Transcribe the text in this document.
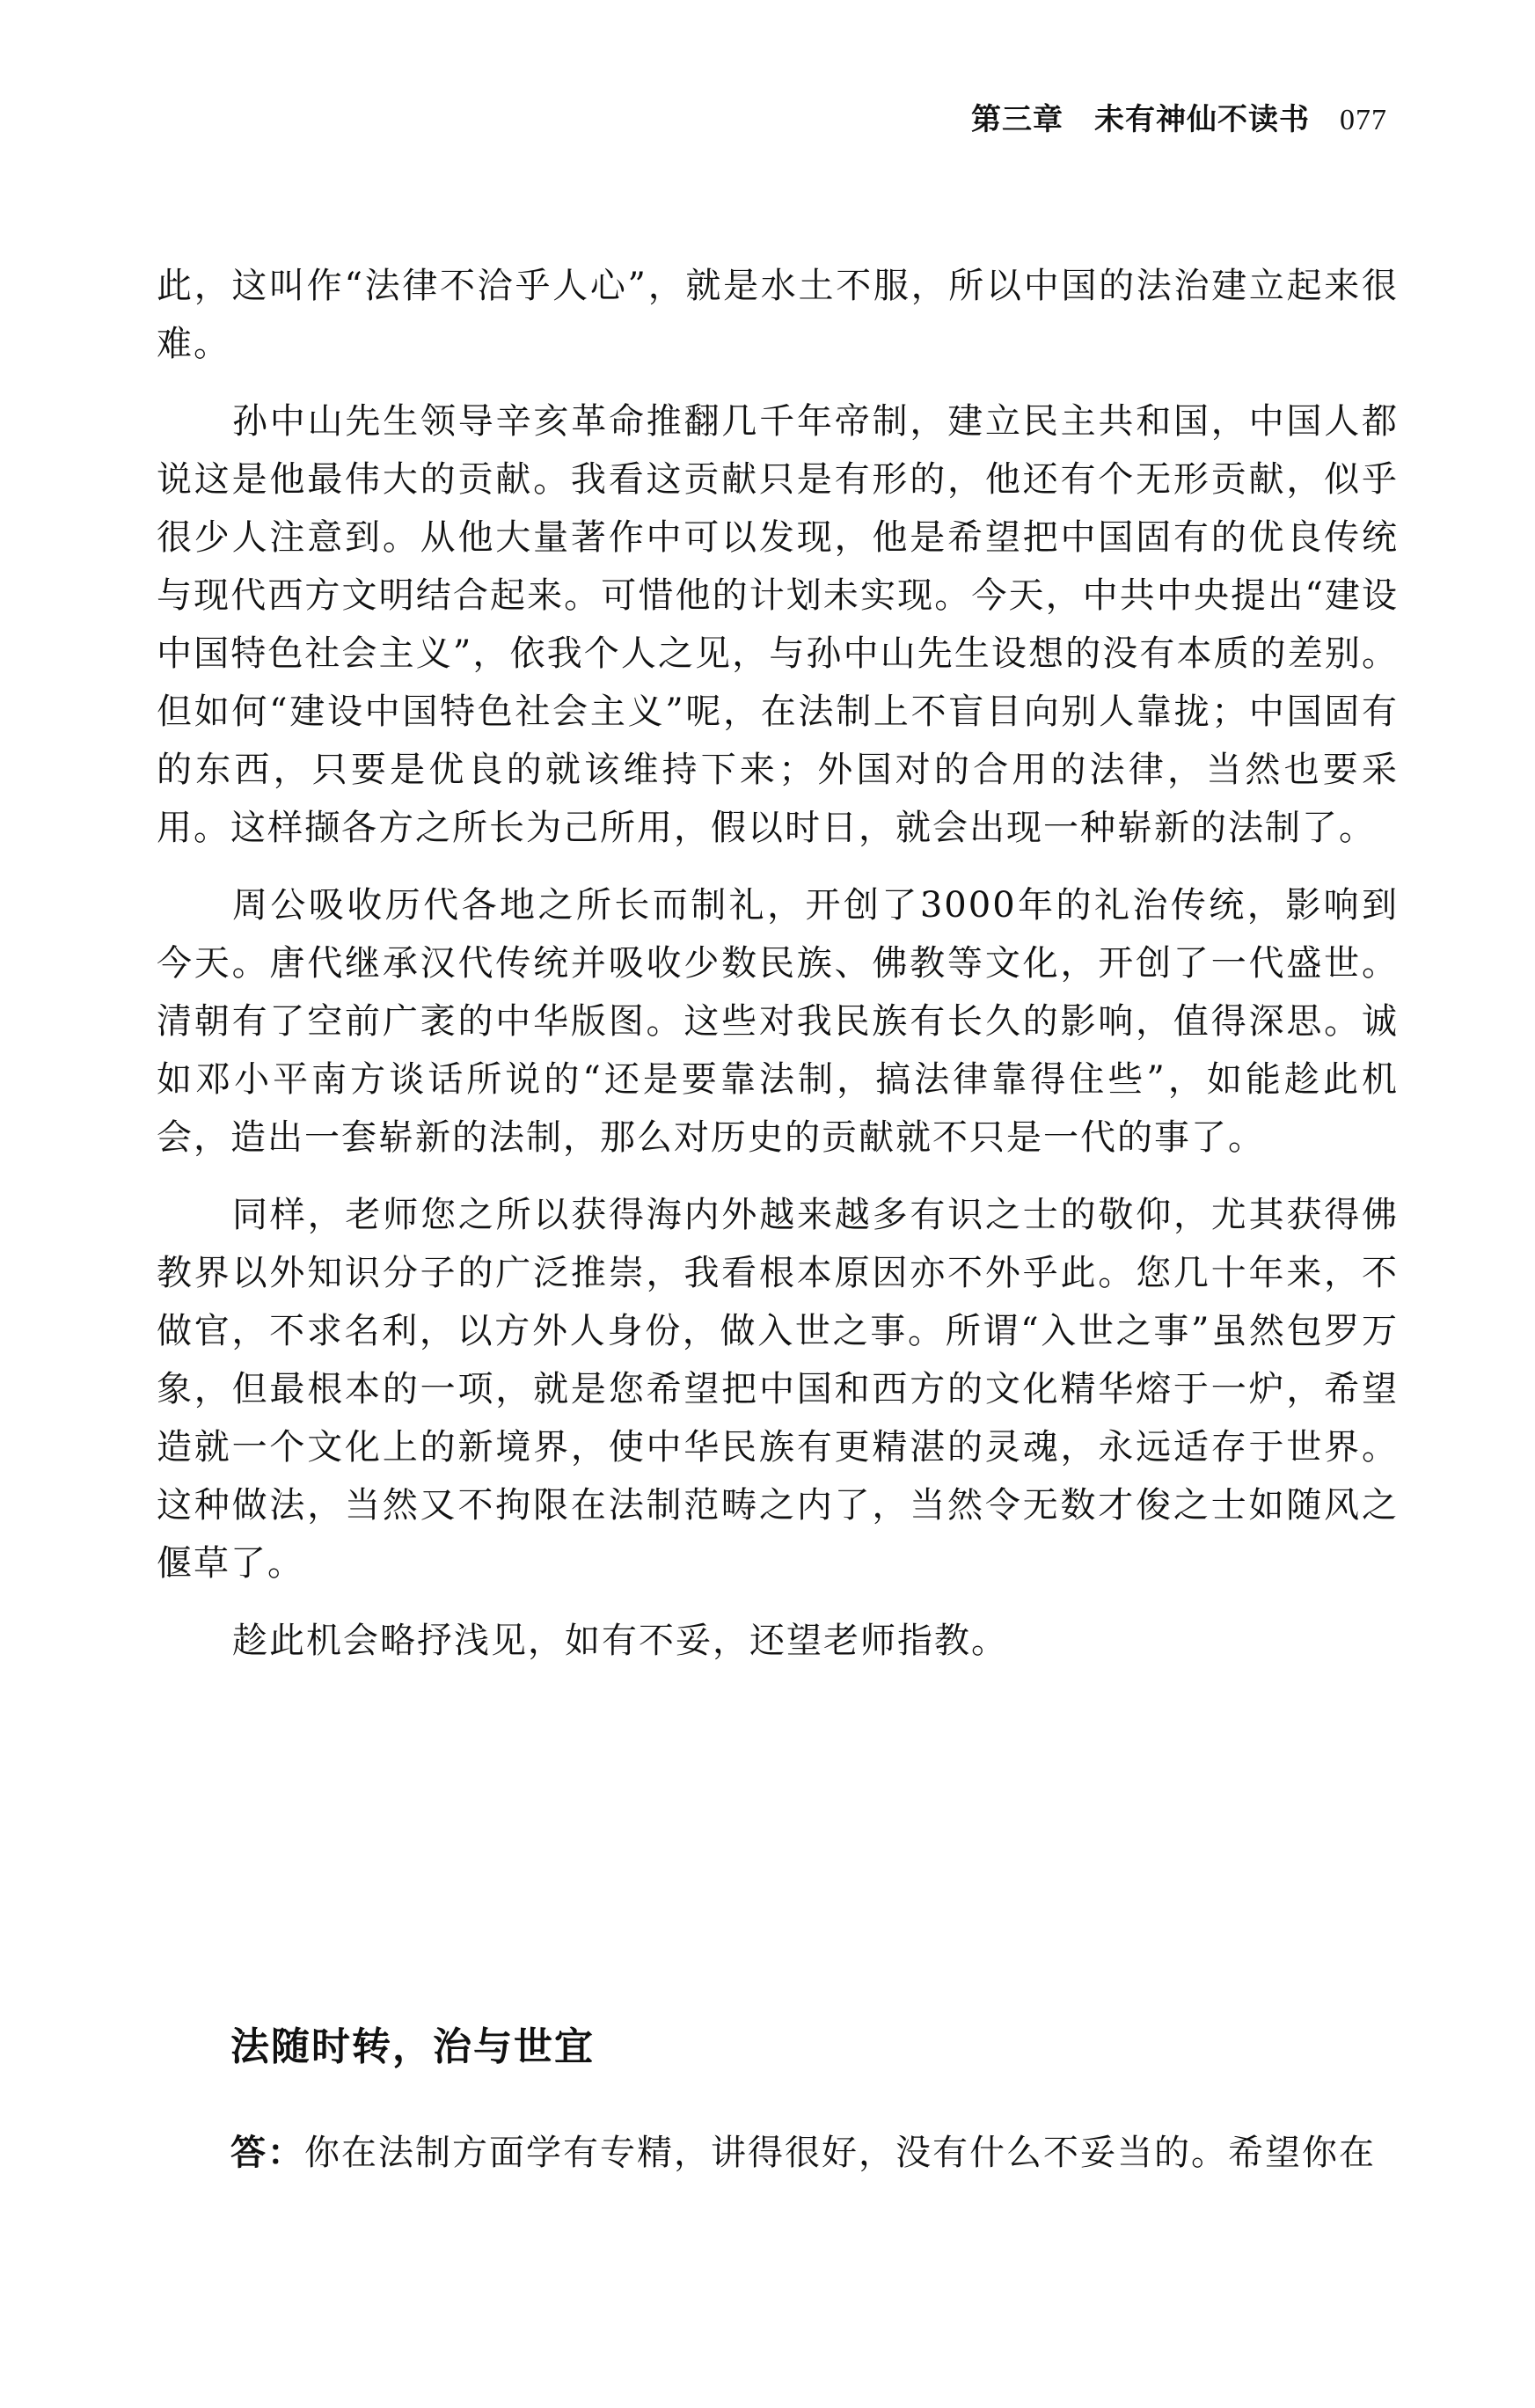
第三章　未有神仙不读书 077

此，这叫作“法律不洽乎人心”，就是水土不服，所以中国的法治建立起来很难。

孙中山先生领导辛亥革命推翻几千年帝制，建立民主共和国，中国人都说这是他最伟大的贡献。我看这贡献只是有形的，他还有个无形贡献，似乎很少人注意到。从他大量著作中可以发现，他是希望把中国固有的优良传统与现代西方文明结合起来。可惜他的计划未实现。今天，中共中央提出“建设中国特色社会主义”，依我个人之见，与孙中山先生设想的没有本质的差别。但如何“建设中国特色社会主义”呢，在法制上不盲目向别人靠拢；中国固有的东西，只要是优良的就该维持下来；外国对的合用的法律，当然也要采用。这样撷各方之所长为己所用，假以时日，就会出现一种崭新的法制了。

周公吸收历代各地之所长而制礼，开创了3000年的礼治传统，影响到今天。唐代继承汉代传统并吸收少数民族、佛教等文化，开创了一代盛世。清朝有了空前广袤的中华版图。这些对我民族有长久的影响，值得深思。诚如邓小平南方谈话所说的“还是要靠法制，搞法律靠得住些”，如能趁此机会，造出一套崭新的法制，那么对历史的贡献就不只是一代的事了。

同样，老师您之所以获得海内外越来越多有识之士的敬仰，尤其获得佛教界以外知识分子的广泛推崇，我看根本原因亦不外乎此。您几十年来，不做官，不求名利，以方外人身份，做入世之事。所谓“入世之事”虽然包罗万象，但最根本的一项，就是您希望把中国和西方的文化精华熔于一炉，希望造就一个文化上的新境界，使中华民族有更精湛的灵魂，永远适存于世界。这种做法，当然又不拘限在法制范畴之内了，当然令无数才俊之士如随风之偃草了。

趁此机会略抒浅见，如有不妥，还望老师指教。

法随时转，治与世宜

答：你在法制方面学有专精，讲得很好，没有什么不妥当的。希望你在
